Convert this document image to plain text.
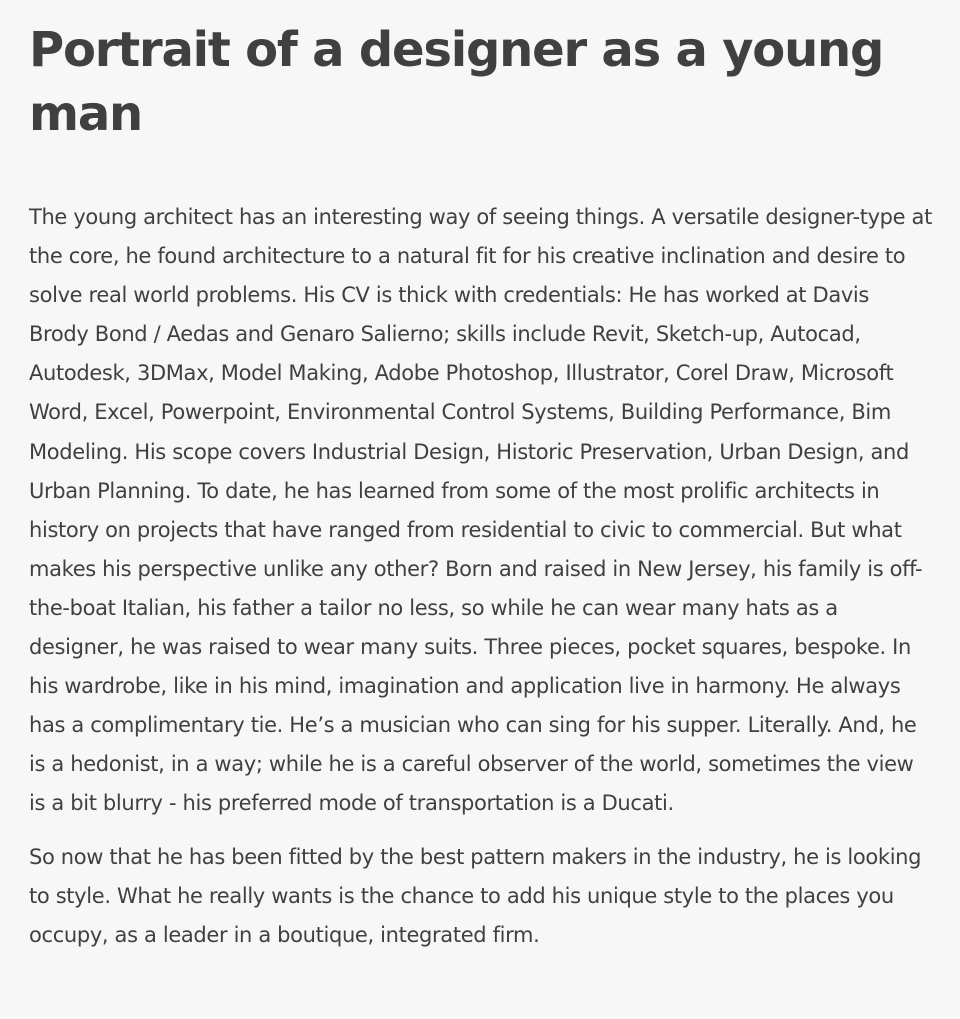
Portrait of a designer as a young man

The young architect has an interesting way of seeing things. A versatile designer-type at the core, he found architecture to a natural fit for his creative inclination and desire to solve real world problems. His CV is thick with credentials: He has worked at Davis Brody Bond / Aedas and Genaro Salierno; skills include Revit, Sketch-up, Autocad, Autodesk, 3DMax, Model Making, Adobe Photoshop, Illustrator, Corel Draw, Microsoft Word, Excel, Powerpoint, Environmental Control Systems, Building Performance, Bim Modeling. His scope covers Industrial Design, Historic Preservation, Urban Design, and Urban Planning. To date, he has learned from some of the most prolific architects in history on projects that have ranged from residential to civic to commercial. But what makes his perspective unlike any other? Born and raised in New Jersey, his family is off-the-boat Italian, his father a tailor no less, so while he can wear many hats as a designer, he was raised to wear many suits. Three pieces, pocket squares, bespoke. In his wardrobe, like in his mind, imagination and application live in harmony. He always has a complimentary tie. He’s a musician who can sing for his supper. Literally. And, he is a hedonist, in a way; while he is a careful observer of the world, sometimes the view is a bit blurry - his preferred mode of transportation is a Ducati.

So now that he has been fitted by the best pattern makers in the industry, he is looking to style. What he really wants is the chance to add his unique style to the places you occupy, as a leader in a boutique, integrated firm.
